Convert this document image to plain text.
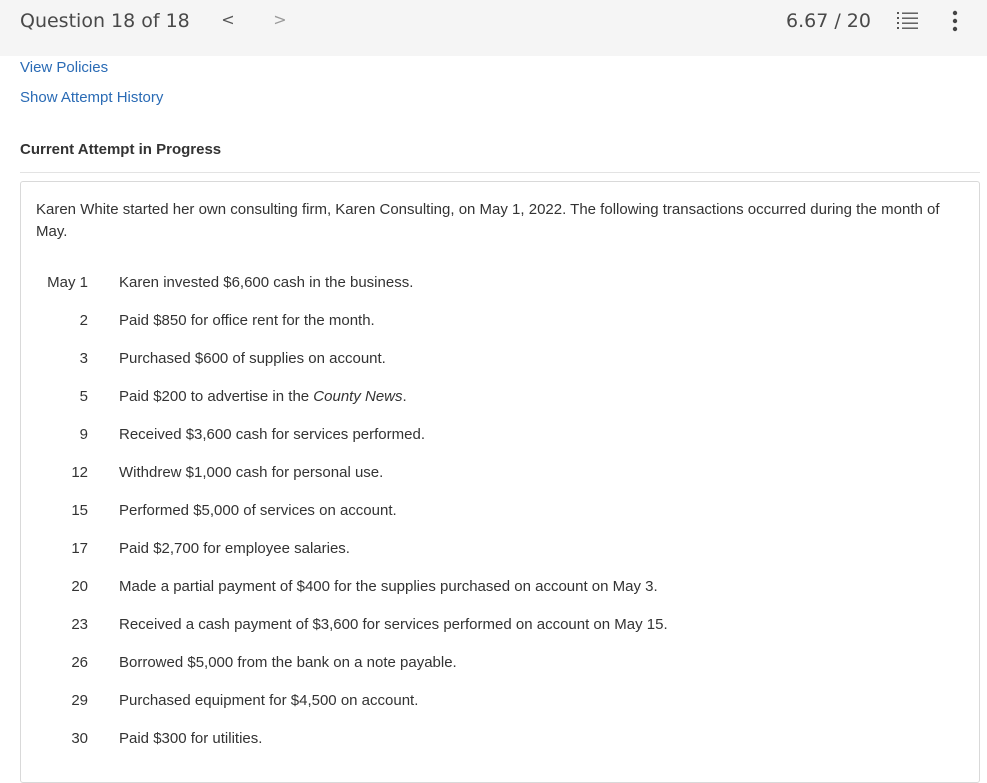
Question 18 of 18 < >	6.67 / 20
View Policies
Show Attempt History
Current Attempt in Progress
Karen White started her own consulting firm, Karen Consulting, on May 1, 2022. The following transactions occurred during the month of May.
May 1 Karen invested $6,600 cash in the business.
2 Paid $850 for office rent for the month.
3 Purchased $600 of supplies on account.
5 Paid $200 to advertise in the County News.
9 Received $3,600 cash for services performed.
12 Withdrew $1,000 cash for personal use.
15 Performed $5,000 of services on account.
17 Paid $2,700 for employee salaries.
20 Made a partial payment of $400 for the supplies purchased on account on May 3.
23 Received a cash payment of $3,600 for services performed on account on May 15.
26 Borrowed $5,000 from the bank on a note payable.
29 Purchased equipment for $4,500 on account.
30 Paid $300 for utilities.
